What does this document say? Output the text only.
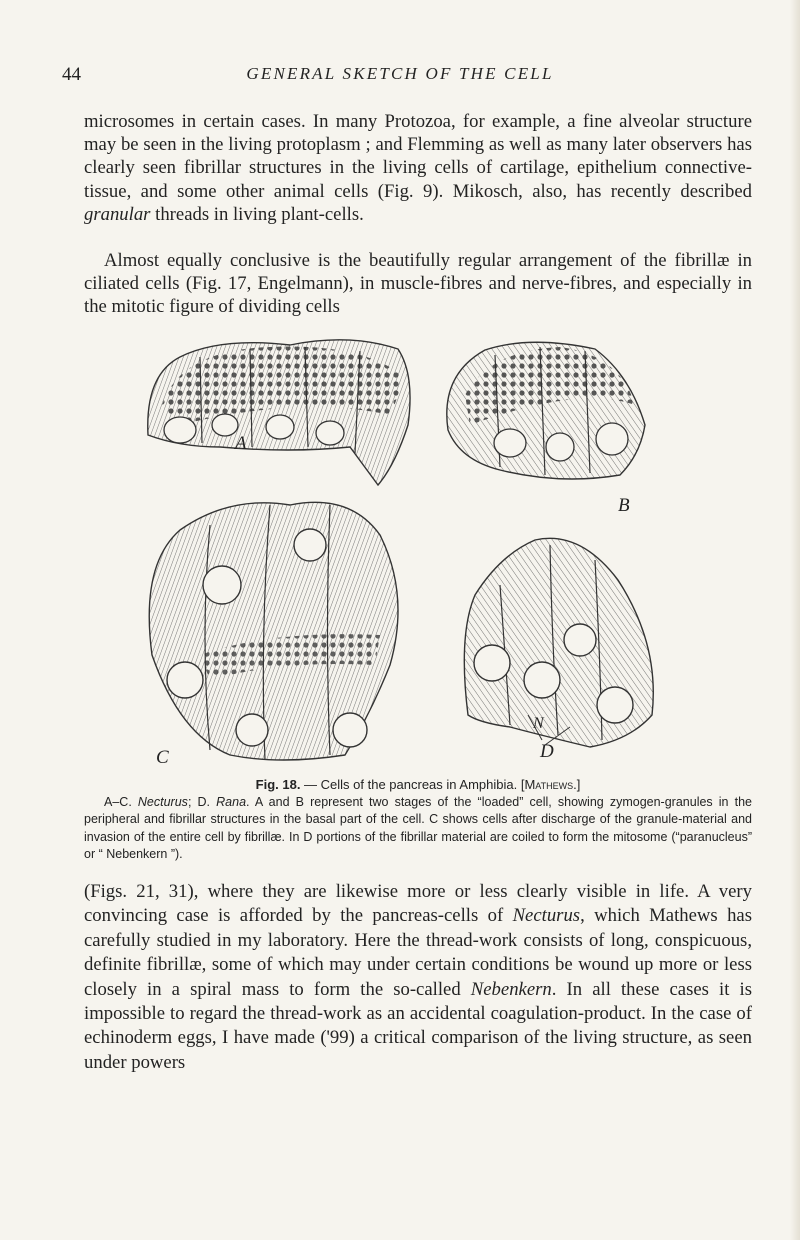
44	GENERAL SKETCH OF THE CELL

microsomes in certain cases. In many Protozoa, for example, a fine alveolar structure may be seen in the living protoplasm ; and Flemming as well as many later observers has clearly seen fibrillar structures in the living cells of cartilage, epithelium connective-tissue, and some other animal cells (Fig. 9). Mikosch, also, has recently described granular threads in living plant-cells.

Almost equally conclusive is the beautifully regular arrangement of the fibrillæ in ciliated cells (Fig. 17, Engelmann), in muscle-fibres and nerve-fibres, and especially in the mitotic figure of dividing cells

A
B
C	D
N
Fig. 18. — Cells of the pancreas in Amphibia. [Mathews.]
A–C. Necturus; D. Rana. A and B represent two stages of the “loaded” cell, showing zymogen-granules in the peripheral and fibrillar structures in the basal part of the cell. C shows cells after discharge of the granule-material and invasion of the entire cell by fibrillæ. In D portions of the fibrillar material are coiled to form the mitosome (“paranucleus” or “ Nebenkern ”).

(Figs. 21, 31), where they are likewise more or less clearly visible in life. A very convincing case is afforded by the pancreas-cells of Necturus, which Mathews has carefully studied in my laboratory. Here the thread-work consists of long, conspicuous, definite fibrillæ, some of which may under certain conditions be wound up more or less closely in a spiral mass to form the so-called Nebenkern. In all these cases it is impossible to regard the thread-work as an accidental coagulation-product. In the case of echinoderm eggs, I have made ('99) a critical comparison of the living structure, as seen under powers
